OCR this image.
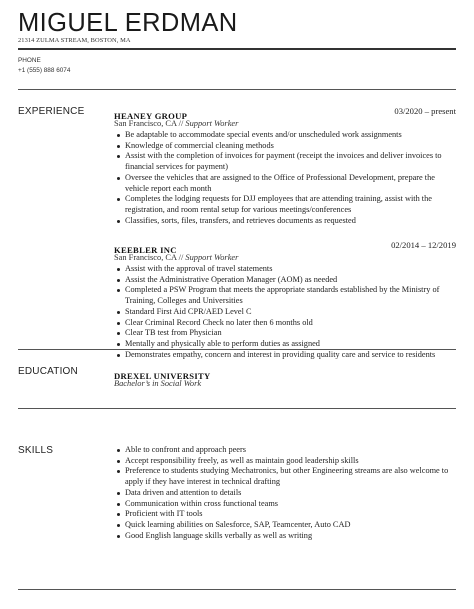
MIGUEL ERDMAN
21314 ZULMA STREAM, BOSTON, MA
PHONE
+1 (555) 888 6074
EXPERIENCE	HEANEY GROUP	03/2020 – present
San Francisco, CA // Support Worker
Be adaptable to accommodate special events and/or unscheduled work assignments
Knowledge of commercial cleaning methods
Assist with the completion of invoices for payment (receipt the invoices and deliver invoices to financial services for payment)
Oversee the vehicles that are assigned to the Office of Professional Development, prepare the vehicle report each month
Completes the lodging requests for DJJ employees that are attending training, assist with the registration, and room rental setup for various meetings/conferences
Classifies, sorts, files, transfers, and retrieves documents as requested
KEEBLER INC	02/2014 – 12/2019
San Francisco, CA // Support Worker
Assist with the approval of travel statements
Assist the Administrative Operation Manager (AOM) as needed
Completed a PSW Program that meets the appropriate standards established by the Ministry of Training, Colleges and Universities
Standard First Aid CPR/AED Level C
Clear Criminal Record Check no later then 6 months old
Clear TB test from Physician
Mentally and physically able to perform duties as assigned
Demonstrates empathy, concern and interest in providing quality care and service to residents
EDUCATION	DREXEL UNIVERSITY
Bachelor’s in Social Work
SKILLS	Able to confront and approach peers
Accept responsibility freely, as well as maintain good leadership skills
Preference to students studying Mechatronics, but other Engineering streams are also welcome to apply if they have interest in technical drafting
Data driven and attention to details
Communication within cross functional teams
Proficient with IT tools
Quick learning abilities on Salesforce, SAP, Teamcenter, Auto CAD
Good English language skills verbally as well as writing
